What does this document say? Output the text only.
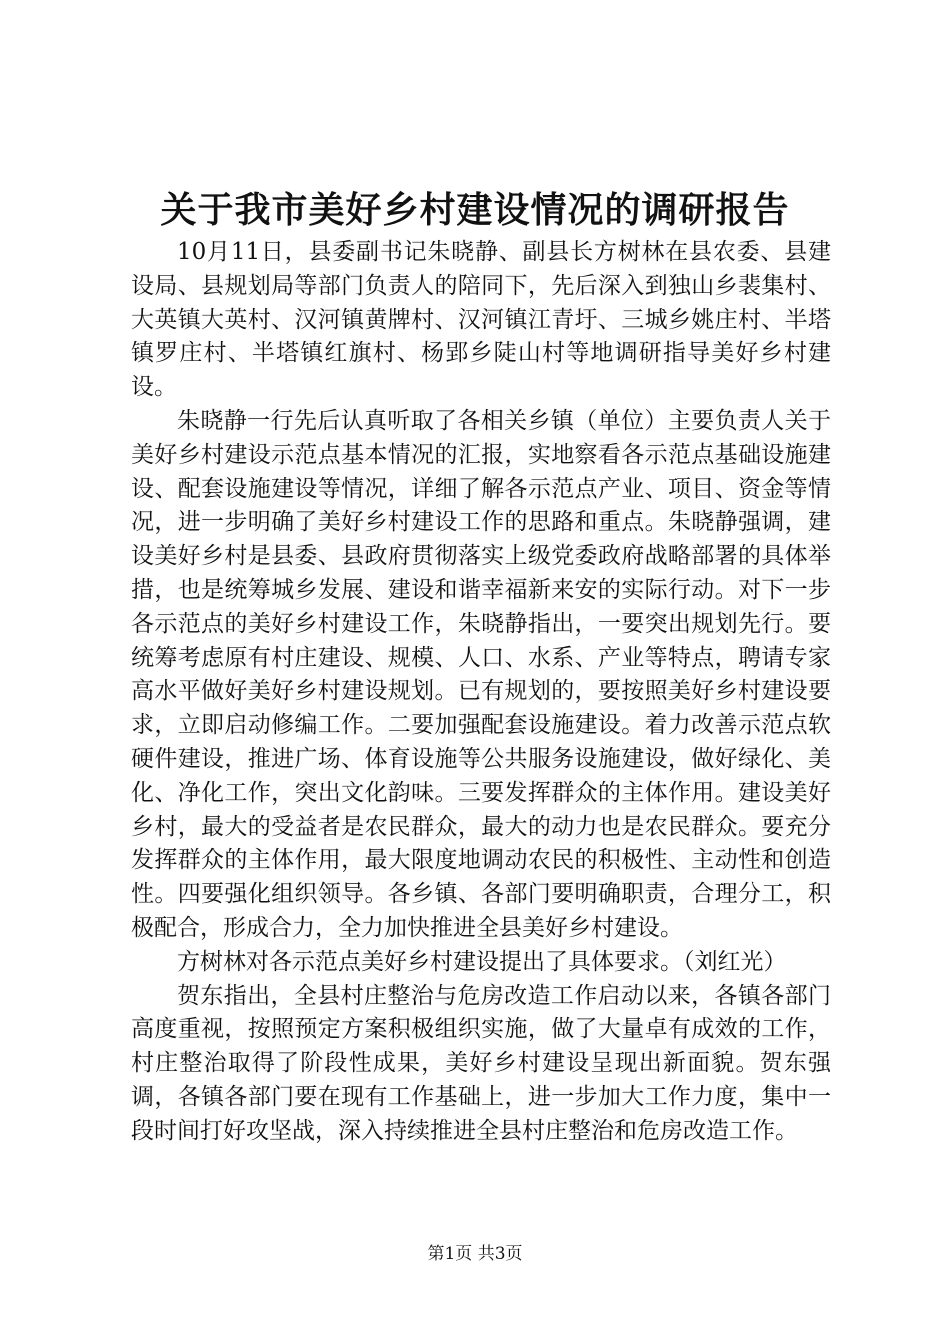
关于我市美好乡村建设情况的调研报告

10月11日，县委副书记朱晓静、副县长方树林在县农委、县建设局、县规划局等部门负责人的陪同下，先后深入到独山乡裴集村、大英镇大英村、汉河镇黄牌村、汉河镇江青圩、三城乡姚庄村、半塔镇罗庄村、半塔镇红旗村、杨郢乡陡山村等地调研指导美好乡村建设。

朱晓静一行先后认真听取了各相关乡镇（单位）主要负责人关于美好乡村建设示范点基本情况的汇报，实地察看各示范点基础设施建设、配套设施建设等情况，详细了解各示范点产业、项目、资金等情况，进一步明确了美好乡村建设工作的思路和重点。朱晓静强调，建设美好乡村是县委、县政府贯彻落实上级党委政府战略部署的具体举措，也是统筹城乡发展、建设和谐幸福新来安的实际行动。对下一步各示范点的美好乡村建设工作，朱晓静指出，一要突出规划先行。要统筹考虑原有村庄建设、规模、人口、水系、产业等特点，聘请专家高水平做好美好乡村建设规划。已有规划的，要按照美好乡村建设要求，立即启动修编工作。二要加强配套设施建设。着力改善示范点软硬件建设，推进广场、体育设施等公共服务设施建设，做好绿化、美化、净化工作，突出文化韵味。三要发挥群众的主体作用。建设美好乡村，最大的受益者是农民群众，最大的动力也是农民群众。要充分发挥群众的主体作用，最大限度地调动农民的积极性、主动性和创造性。四要强化组织领导。各乡镇、各部门要明确职责，合理分工，积极配合，形成合力，全力加快推进全县美好乡村建设。

方树林对各示范点美好乡村建设提出了具体要求。（刘红光）

贺东指出，全县村庄整治与危房改造工作启动以来，各镇各部门高度重视，按照预定方案积极组织实施，做了大量卓有成效的工作，村庄整治取得了阶段性成果，美好乡村建设呈现出新面貌。贺东强调，各镇各部门要在现有工作基础上，进一步加大工作力度，集中一段时间打好攻坚战，深入持续推进全县村庄整治和危房改造工作。

第1页 共3页
